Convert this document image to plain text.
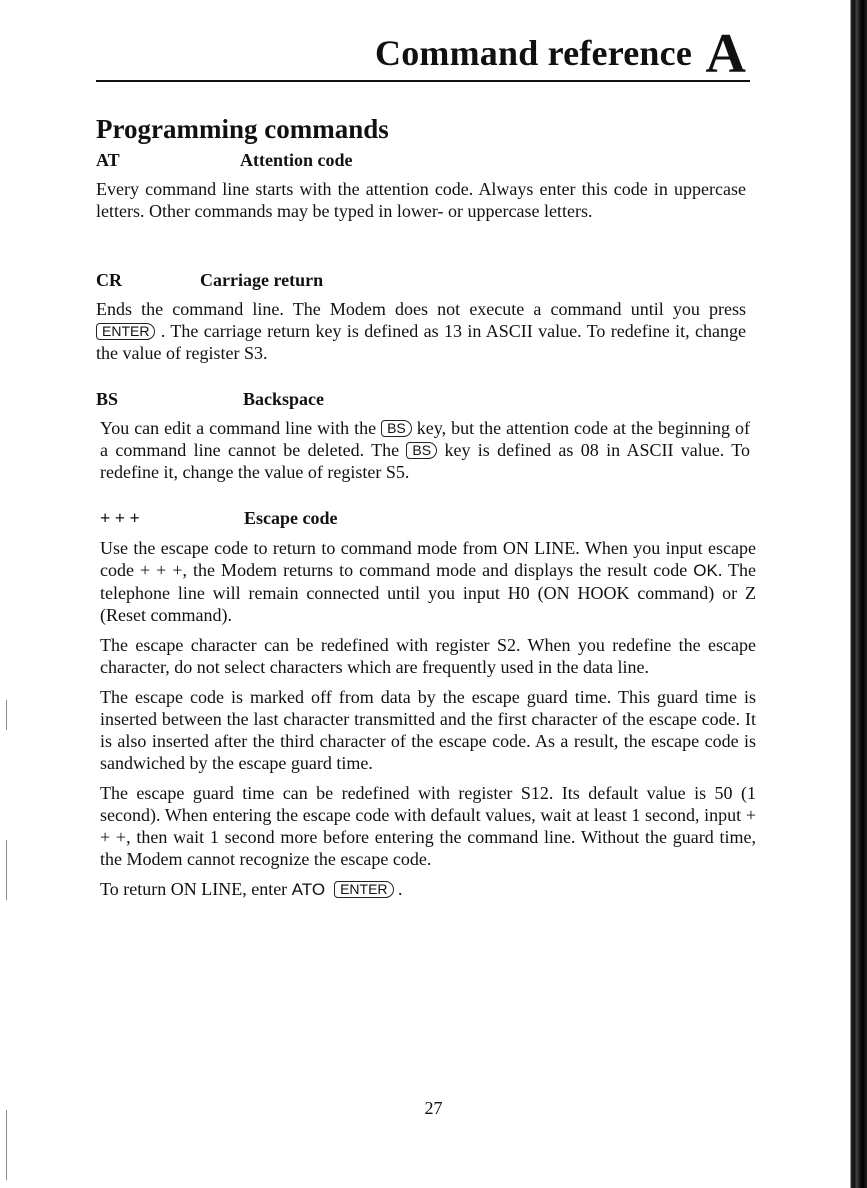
Command reference A
Programming commands
AT	Attention code

Every command line starts with the attention code. Always enter this code in uppercase letters. Other commands may be typed in lower- or uppercase letters.

CR	Carriage return

Ends the command line. The Modem does not execute a command until you press ENTER . The carriage return key is defined as 13 in ASCII value. To redefine it, change the value of register S3.

BS	Backspace

You can edit a command line with the BS key, but the attention code at the beginning of a command line cannot be deleted. The BS key is defined as 08 in ASCII value. To redefine it, change the value of register S5.

+ + +	Escape code

Use the escape code to return to command mode from ON LINE. When you input escape code + + +, the Modem returns to command mode and displays the result code OK. The telephone line will remain connected until you input H0 (ON HOOK command) or Z (Reset command).

The escape character can be redefined with register S2. When you redefine the escape character, do not select characters which are frequently used in the data line.

The escape code is marked off from data by the escape guard time. This guard time is inserted between the last character transmitted and the first character of the escape code. It is also inserted after the third character of the escape code. As a result, the escape code is sandwiched by the escape guard time.

The escape guard time can be redefined with register S12. Its default value is 50 (1 second). When entering the escape code with default values, wait at least 1 second, input + + +, then wait 1 second more before entering the command line. Without the guard time, the Modem cannot recognize the escape code.

To return ON LINE, enter ATO ENTER .

27
